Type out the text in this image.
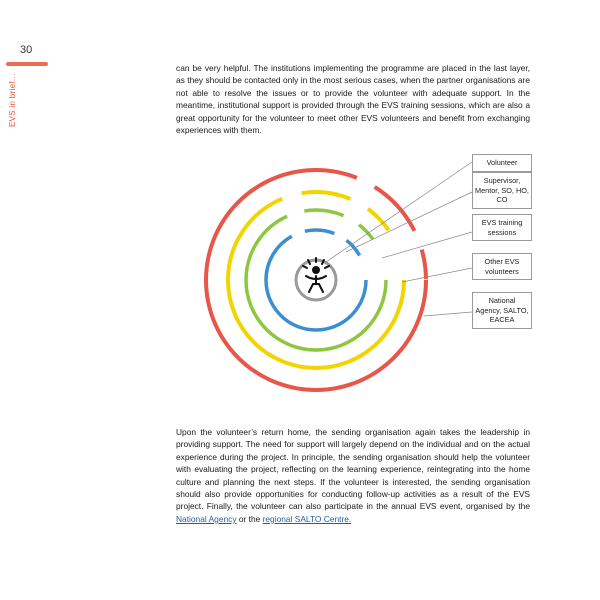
30
EVS in brief...

can be very helpful. The institutions implementing the programme are placed in the last layer, as they should be contacted only in the most serious cases, when the partner organisations are not able to resolve the issues or to provide the volunteer with adequate support. In the meantime, institutional support is provided through the EVS training sessions, which are also a great opportunity for the volunteer to meet other EVS volunteers and benefit from exchanging experiences with them.

Volunteer
Supervisor, Mentor, SO, HO, CO
EVS training sessions
Other EVS volunteers
National Agency, SALTO, EACEA

Upon the volunteer’s return home, the sending organisation again takes the leadership in providing support. The need for support will largely depend on the individual and on the actual experience during the project. In principle, the sending organisation should help the volunteer with evaluating the project, reflecting on the learning experience, reintegrating into the home culture and planning the next steps. If the volunteer is interested, the sending organisation should also provide opportunities for conducting follow-up activities as a result of the EVS project. Finally, the volunteer can also participate in the annual EVS event, organised by the National Agency or the regional SALTO Centre.
